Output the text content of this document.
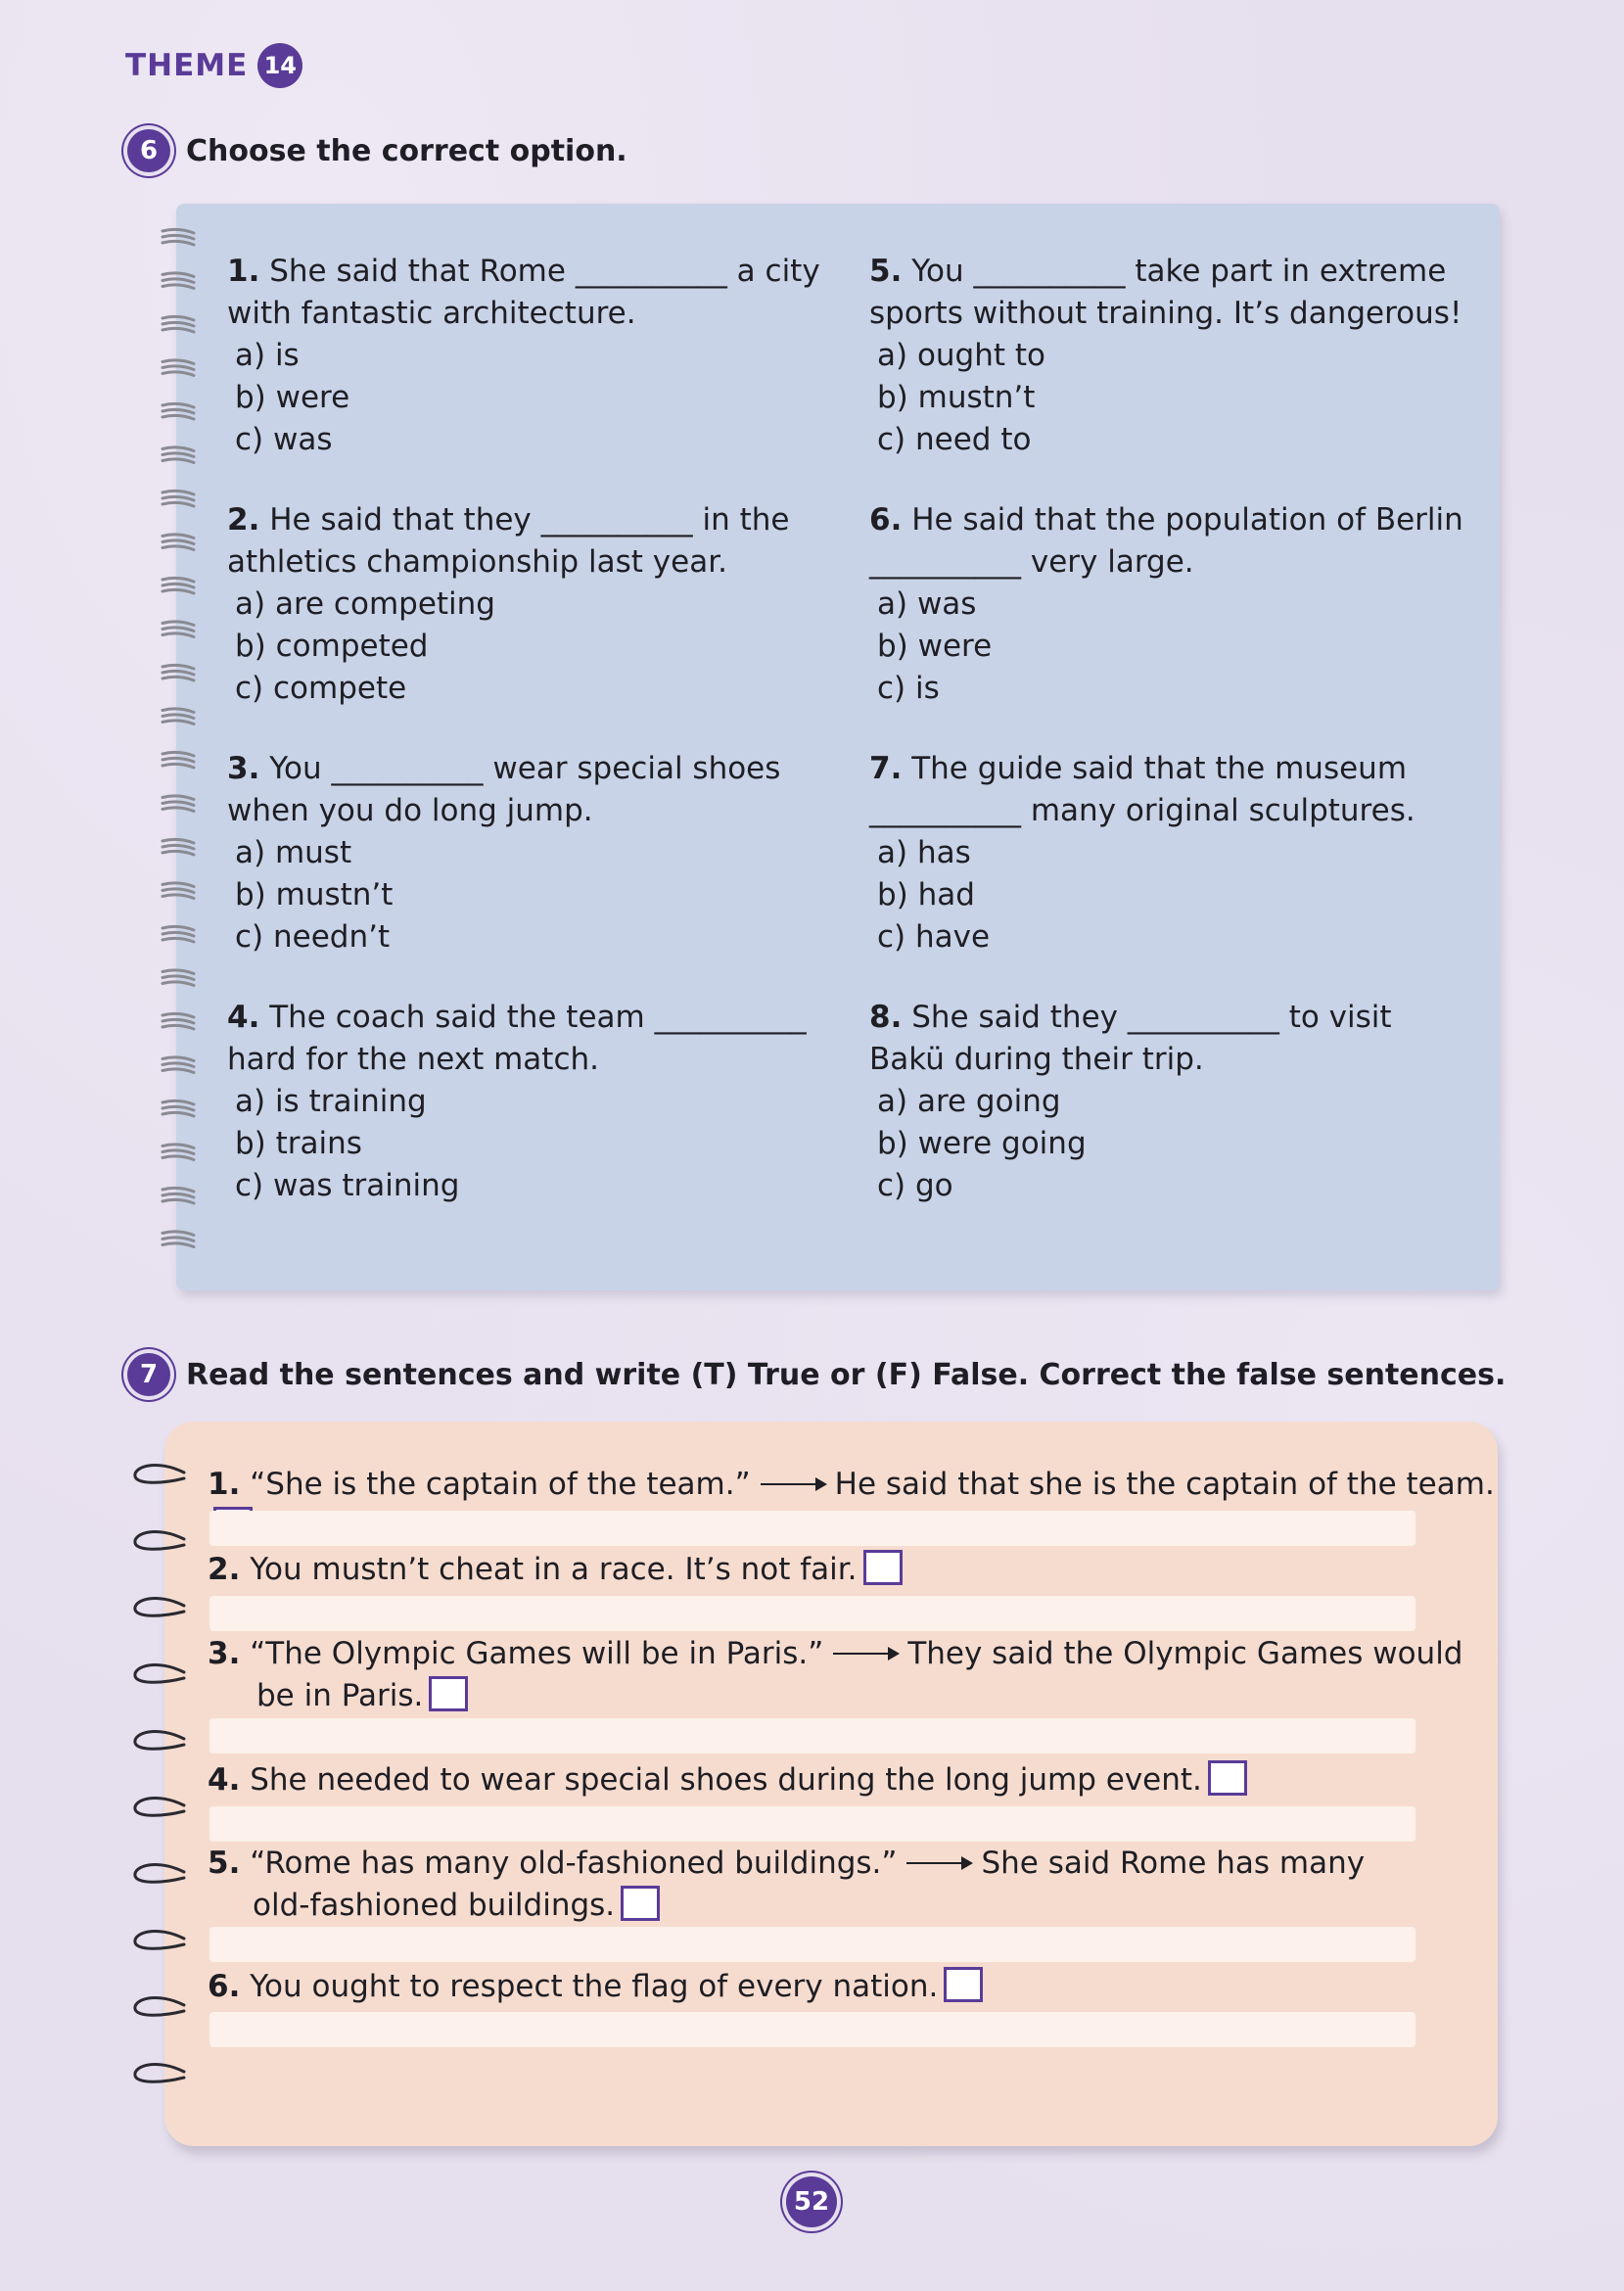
THEME 14
6 Choose the correct option.
1. She said that Rome __________ a city
with fantastic architecture.
a) is
b) were
c) was
2. He said that they __________ in the
athletics championship last year.
a) are competing
b) competed
c) compete
3. You __________ wear special shoes
when you do long jump.
a) must
b) mustn’t
c) needn’t
4. The coach said the team __________
hard for the next match.
a) is training
b) trains
c) was training
5. You __________ take part in extreme
sports without training. It’s dangerous!
a) ought to
b) mustn’t
c) need to
6. He said that the population of Berlin
__________ very large.
a) was
b) were
c) is
7. The guide said that the museum
__________ many original sculptures.
a) has
b) had
c) have
8. She said they __________ to visit
Bakü during their trip.
a) are going
b) were going
c) go
7 Read the sentences and write (T) True or (F) False. Correct the false sentences.
1. “She is the captain of the team.”	He said that she is the captain of the team.
2. You mustn’t cheat in a race. It’s not fair.
3. “The Olympic Games will be in Paris.”	They said the Olympic Games would
be in Paris.
4. She needed to wear special shoes during the long jump event.
5. “Rome has many old-fashioned buildings.”	She said Rome has many
old-fashioned buildings.
6. You ought to respect the flag of every nation.
52
